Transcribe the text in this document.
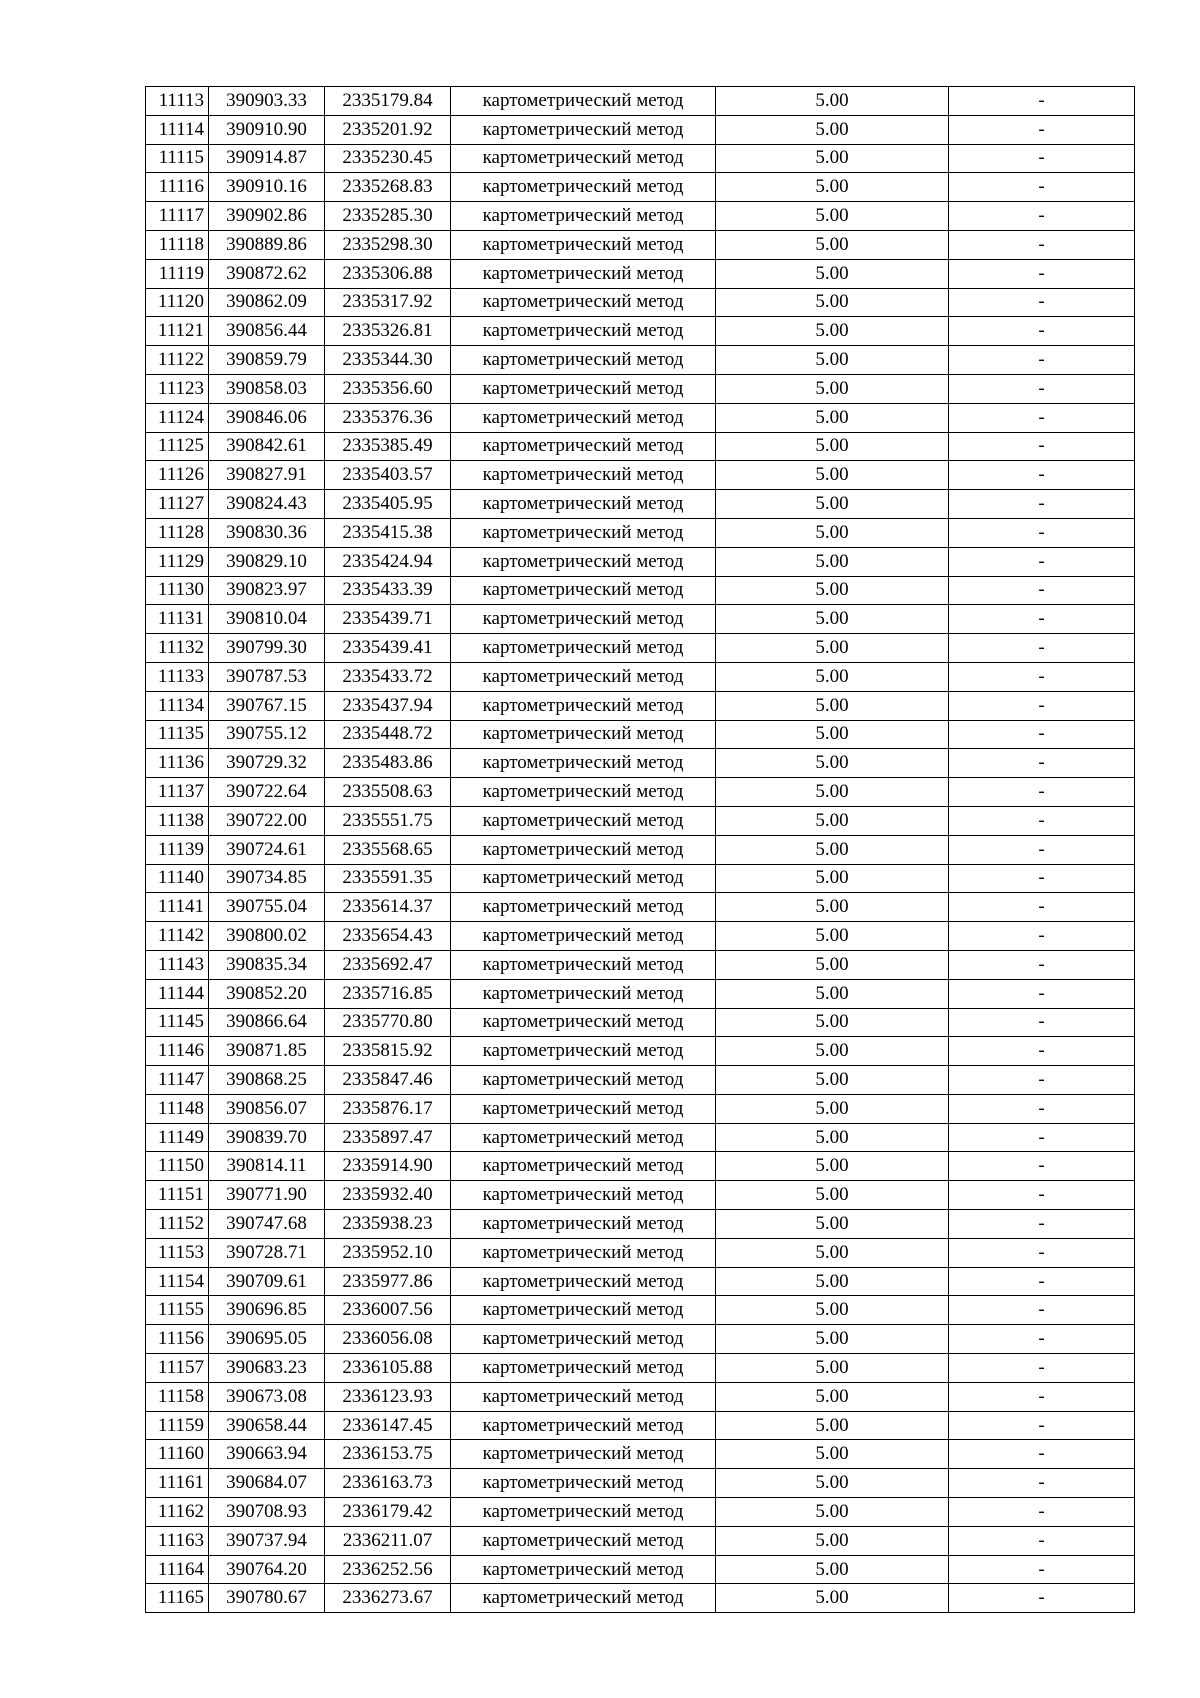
11113	390903.33	2335179.84	картометрический метод	5.00	-
11114	390910.90	2335201.92	картометрический метод	5.00	-
11115	390914.87	2335230.45	картометрический метод	5.00	-
11116	390910.16	2335268.83	картометрический метод	5.00	-
11117	390902.86	2335285.30	картометрический метод	5.00	-
11118	390889.86	2335298.30	картометрический метод	5.00	-
11119	390872.62	2335306.88	картометрический метод	5.00	-
11120	390862.09	2335317.92	картометрический метод	5.00	-
11121	390856.44	2335326.81	картометрический метод	5.00	-
11122	390859.79	2335344.30	картометрический метод	5.00	-
11123	390858.03	2335356.60	картометрический метод	5.00	-
11124	390846.06	2335376.36	картометрический метод	5.00	-
11125	390842.61	2335385.49	картометрический метод	5.00	-
11126	390827.91	2335403.57	картометрический метод	5.00	-
11127	390824.43	2335405.95	картометрический метод	5.00	-
11128	390830.36	2335415.38	картометрический метод	5.00	-
11129	390829.10	2335424.94	картометрический метод	5.00	-
11130	390823.97	2335433.39	картометрический метод	5.00	-
11131	390810.04	2335439.71	картометрический метод	5.00	-
11132	390799.30	2335439.41	картометрический метод	5.00	-
11133	390787.53	2335433.72	картометрический метод	5.00	-
11134	390767.15	2335437.94	картометрический метод	5.00	-
11135	390755.12	2335448.72	картометрический метод	5.00	-
11136	390729.32	2335483.86	картометрический метод	5.00	-
11137	390722.64	2335508.63	картометрический метод	5.00	-
11138	390722.00	2335551.75	картометрический метод	5.00	-
11139	390724.61	2335568.65	картометрический метод	5.00	-
11140	390734.85	2335591.35	картометрический метод	5.00	-
11141	390755.04	2335614.37	картометрический метод	5.00	-
11142	390800.02	2335654.43	картометрический метод	5.00	-
11143	390835.34	2335692.47	картометрический метод	5.00	-
11144	390852.20	2335716.85	картометрический метод	5.00	-
11145	390866.64	2335770.80	картометрический метод	5.00	-
11146	390871.85	2335815.92	картометрический метод	5.00	-
11147	390868.25	2335847.46	картометрический метод	5.00	-
11148	390856.07	2335876.17	картометрический метод	5.00	-
11149	390839.70	2335897.47	картометрический метод	5.00	-
11150	390814.11	2335914.90	картометрический метод	5.00	-
11151	390771.90	2335932.40	картометрический метод	5.00	-
11152	390747.68	2335938.23	картометрический метод	5.00	-
11153	390728.71	2335952.10	картометрический метод	5.00	-
11154	390709.61	2335977.86	картометрический метод	5.00	-
11155	390696.85	2336007.56	картометрический метод	5.00	-
11156	390695.05	2336056.08	картометрический метод	5.00	-
11157	390683.23	2336105.88	картометрический метод	5.00	-
11158	390673.08	2336123.93	картометрический метод	5.00	-
11159	390658.44	2336147.45	картометрический метод	5.00	-
11160	390663.94	2336153.75	картометрический метод	5.00	-
11161	390684.07	2336163.73	картометрический метод	5.00	-
11162	390708.93	2336179.42	картометрический метод	5.00	-
11163	390737.94	2336211.07	картометрический метод	5.00	-
11164	390764.20	2336252.56	картометрический метод	5.00	-
11165	390780.67	2336273.67	картометрический метод	5.00	-
